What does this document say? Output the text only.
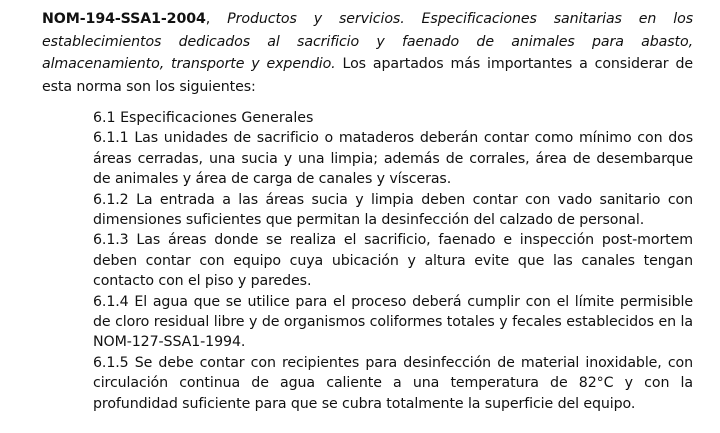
NOM-194-SSA1-2004, Productos y servicios. Especificaciones sanitarias en los establecimientos dedicados al sacrificio y faenado de animales para abasto, almacenamiento, transporte y expendio. Los apartados más importantes a considerar de esta norma son los siguientes:

6.1 Especificaciones Generales

6.1.1 Las unidades de sacrificio o mataderos deberán contar como mínimo con dos áreas cerradas, una sucia y una limpia; además de corrales, área de desembarque de animales y área de carga de canales y vísceras.

6.1.2 La entrada a las áreas sucia y limpia deben contar con vado sanitario con dimensiones suficientes que permitan la desinfección del calzado de personal.

6.1.3 Las áreas donde se realiza el sacrificio, faenado e inspección post-mortem deben contar con equipo cuya ubicación y altura evite que las canales tengan contacto con el piso y paredes.

6.1.4 El agua que se utilice para el proceso deberá cumplir con el límite permisible de cloro residual libre y de organismos coliformes totales y fecales establecidos en la NOM-127-SSA1-1994.

6.1.5 Se debe contar con recipientes para desinfección de material inoxidable, con circulación continua de agua caliente a una temperatura de 82°C y con la profundidad suficiente para que se cubra totalmente la superficie del equipo.
